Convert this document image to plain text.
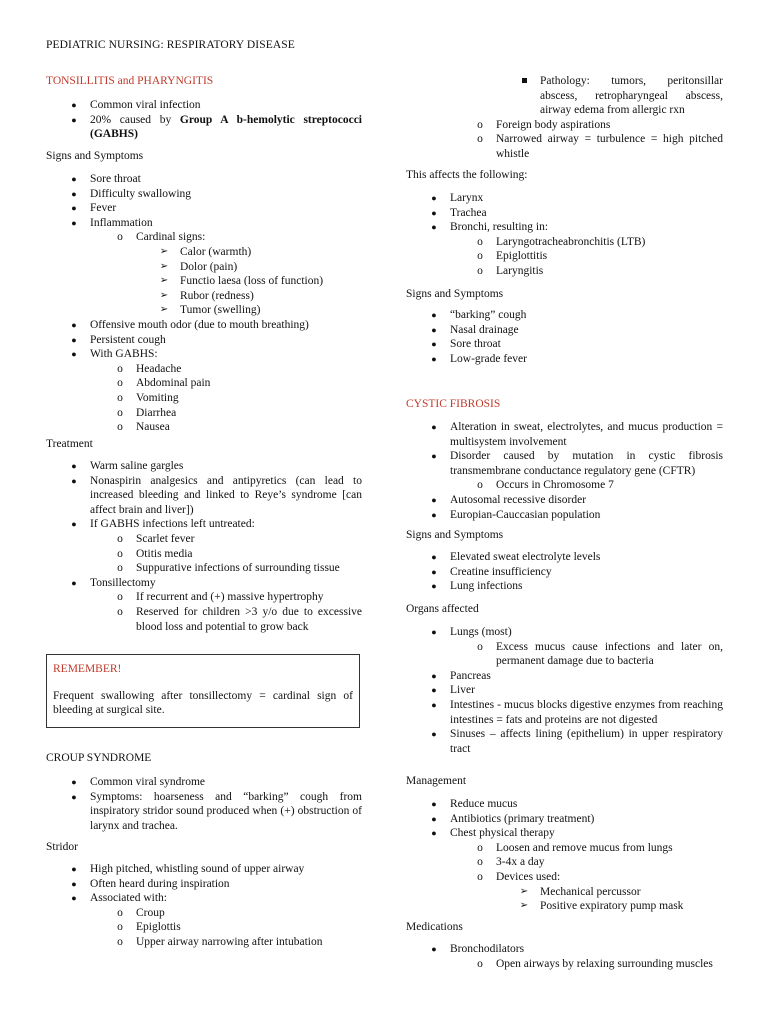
PEDIATRIC NURSING: RESPIRATORY DISEASE
TONSILLITIS and PHARYNGITIS
●	Common viral infection
●	20% caused by Group A b-hemolytic streptococci (GABHS)
Signs and Symptoms
●	Sore throat
●	Difficulty swallowing
●	Fever
●	Inflammation
o	Cardinal signs:
➢	Calor (warmth)
➢	Dolor (pain)
➢	Functio laesa (loss of function)
➢	Rubor (redness)
➢	Tumor (swelling)
●	Offensive mouth odor (due to mouth breathing)
●	Persistent cough
●	With GABHS:
o	Headache
o	Abdominal pain
o	Vomiting
o	Diarrhea
o	Nausea
Treatment
●	Warm saline gargles
●	Nonaspirin analgesics and antipyretics (can lead to increased bleeding and linked to Reye’s syndrome [can affect brain and liver])
●	If GABHS infections left untreated:
o	Scarlet fever
o	Otitis media
o	Suppurative infections of surrounding tissue
●	Tonsillectomy
o	If recurrent and (+) massive hypertrophy
o	Reserved for children >3 y/o due to excessive blood loss and potential to grow back
REMEMBER!
Frequent swallowing after tonsillectomy = cardinal sign of bleeding at surgical site.
CROUP SYNDROME
●	Common viral syndrome
●	Symptoms: hoarseness and “barking” cough from inspiratory stridor sound produced when (+) obstruction of larynx and trachea.
Stridor
●	High pitched, whistling sound of upper airway
●	Often heard during inspiration
●	Associated with:
o	Croup
o	Epiglottis
o	Upper airway narrowing after intubation
Pathology: tumors, peritonsillar abscess, retropharyngeal abscess, airway edema from allergic rxn
o	Foreign body aspirations
o	Narrowed airway = turbulence = high pitched whistle
This affects the following:
●	Larynx
●	Trachea
●	Bronchi, resulting in:
o	Laryngotracheabronchitis (LTB)
o	Epiglottitis
o	Laryngitis
Signs and Symptoms
●	“barking” cough
●	Nasal drainage
●	Sore throat
●	Low-grade fever
CYSTIC FIBROSIS
●	Alteration in sweat, electrolytes, and mucus production = multisystem involvement
●	Disorder caused by mutation in cystic fibrosis transmembrane conductance regulatory gene (CFTR)
o	Occurs in Chromosome 7
●	Autosomal recessive disorder
●	Europian-Cauccasian population
Signs and Symptoms
●	Elevated sweat electrolyte levels
●	Creatine insufficiency
●	Lung infections
Organs affected
●	Lungs (most)
o	Excess mucus cause infections and later on, permanent damage due to bacteria
●	Pancreas
●	Liver
●	Intestines - mucus blocks digestive enzymes from reaching intestines = fats and proteins are not digested
●	Sinuses – affects lining (epithelium) in upper respiratory tract
Management
●	Reduce mucus
●	Antibiotics (primary treatment)
●	Chest physical therapy
o	Loosen and remove mucus from lungs
o	3-4x a day
o	Devices used:
➢	Mechanical percussor
➢	Positive expiratory pump mask
Medications
●	Bronchodilators
o	Open airways by relaxing surrounding muscles
